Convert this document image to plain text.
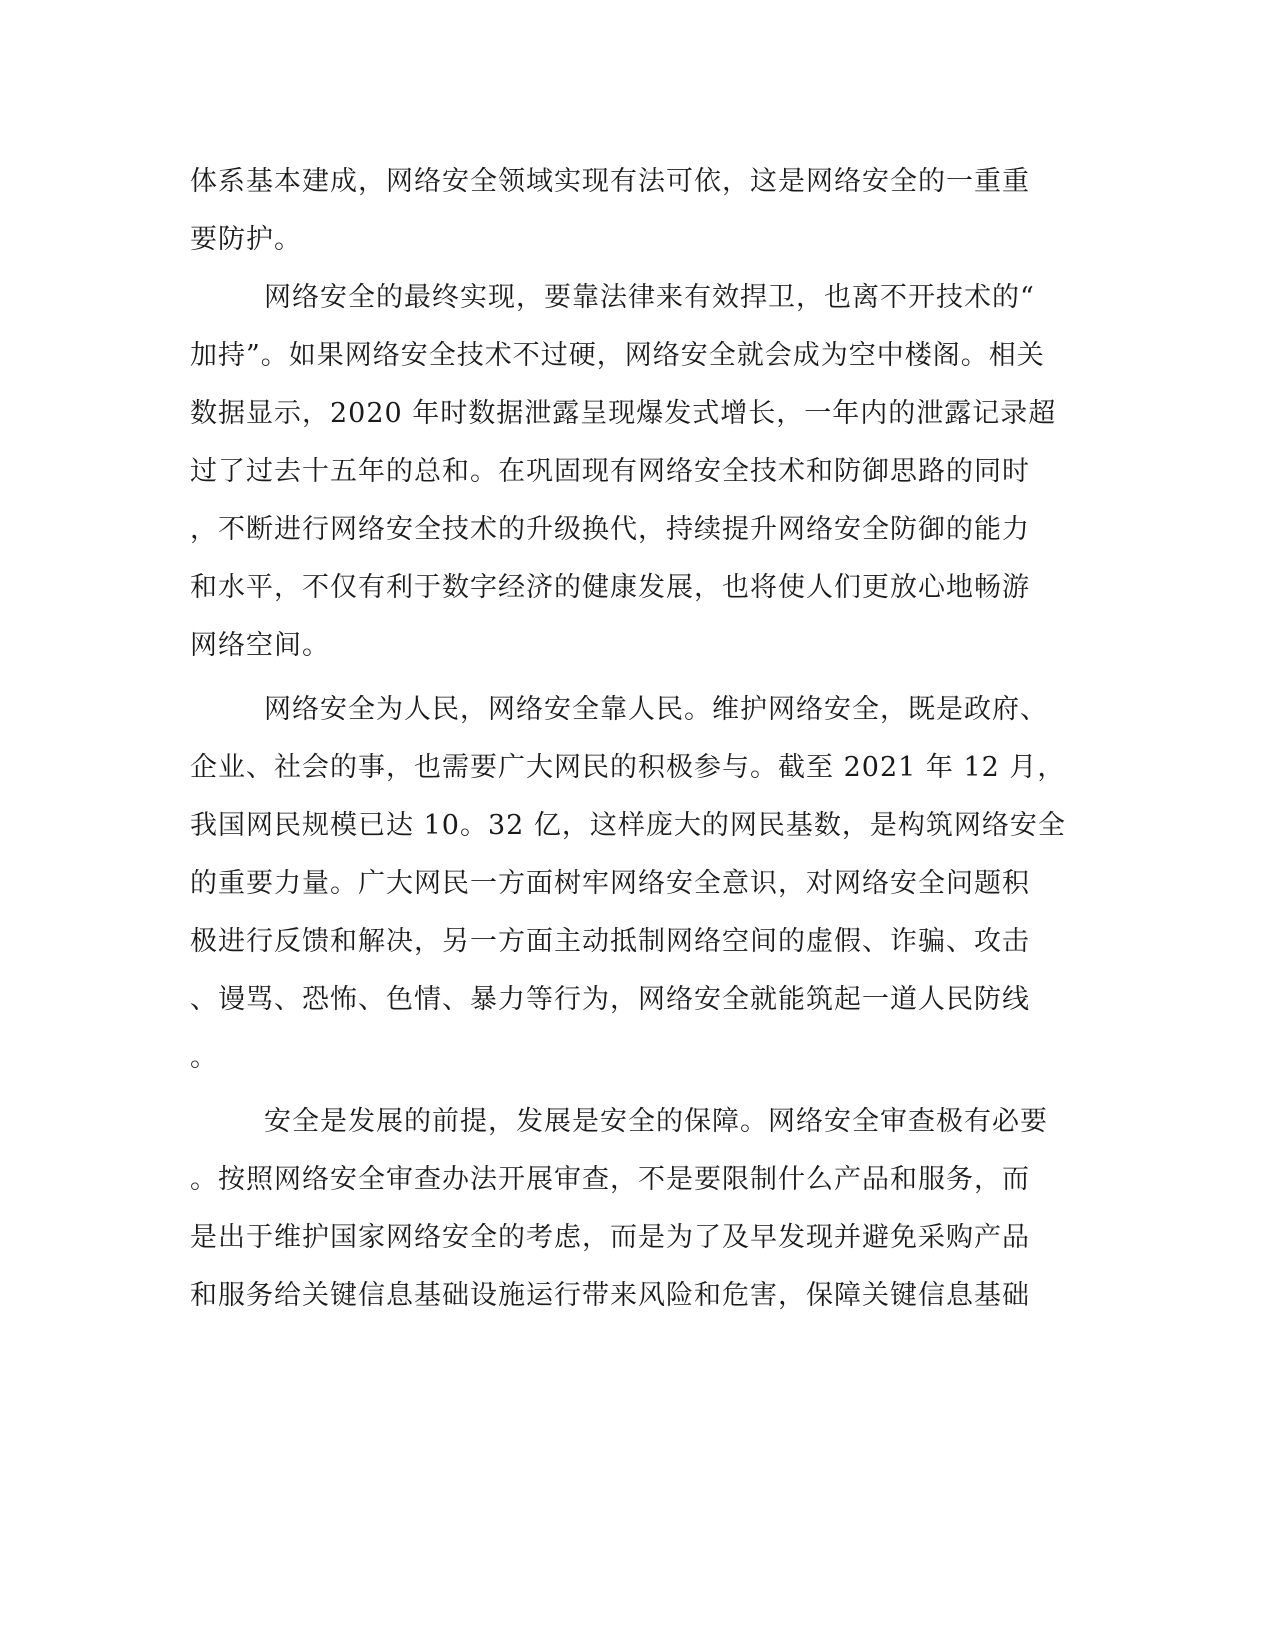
体系基本建成，网络安全领域实现有法可依，这是网络安全的一重重
要防护。
网络安全的最终实现，要靠法律来有效捍卫，也离不开技术的“
加持”。如果网络安全技术不过硬，网络安全就会成为空中楼阁。相关
数据显示，2020 年时数据泄露呈现爆发式增长，一年内的泄露记录超
过了过去十五年的总和。在巩固现有网络安全技术和防御思路的同时
，不断进行网络安全技术的升级换代，持续提升网络安全防御的能力
和水平，不仅有利于数字经济的健康发展，也将使人们更放心地畅游
网络空间。
网络安全为人民，网络安全靠人民。维护网络安全，既是政府、
企业、社会的事，也需要广大网民的积极参与。截至 2021 年 12 月，
我国网民规模已达 10。32 亿，这样庞大的网民基数，是构筑网络安全
的重要力量。广大网民一方面树牢网络安全意识，对网络安全问题积
极进行反馈和解决，另一方面主动抵制网络空间的虚假、诈骗、攻击
、谩骂、恐怖、色情、暴力等行为，网络安全就能筑起一道人民防线
。
安全是发展的前提，发展是安全的保障。网络安全审查极有必要
。按照网络安全审查办法开展审查，不是要限制什么产品和服务，而
是出于维护国家网络安全的考虑，而是为了及早发现并避免采购产品
和服务给关键信息基础设施运行带来风险和危害，保障关键信息基础
